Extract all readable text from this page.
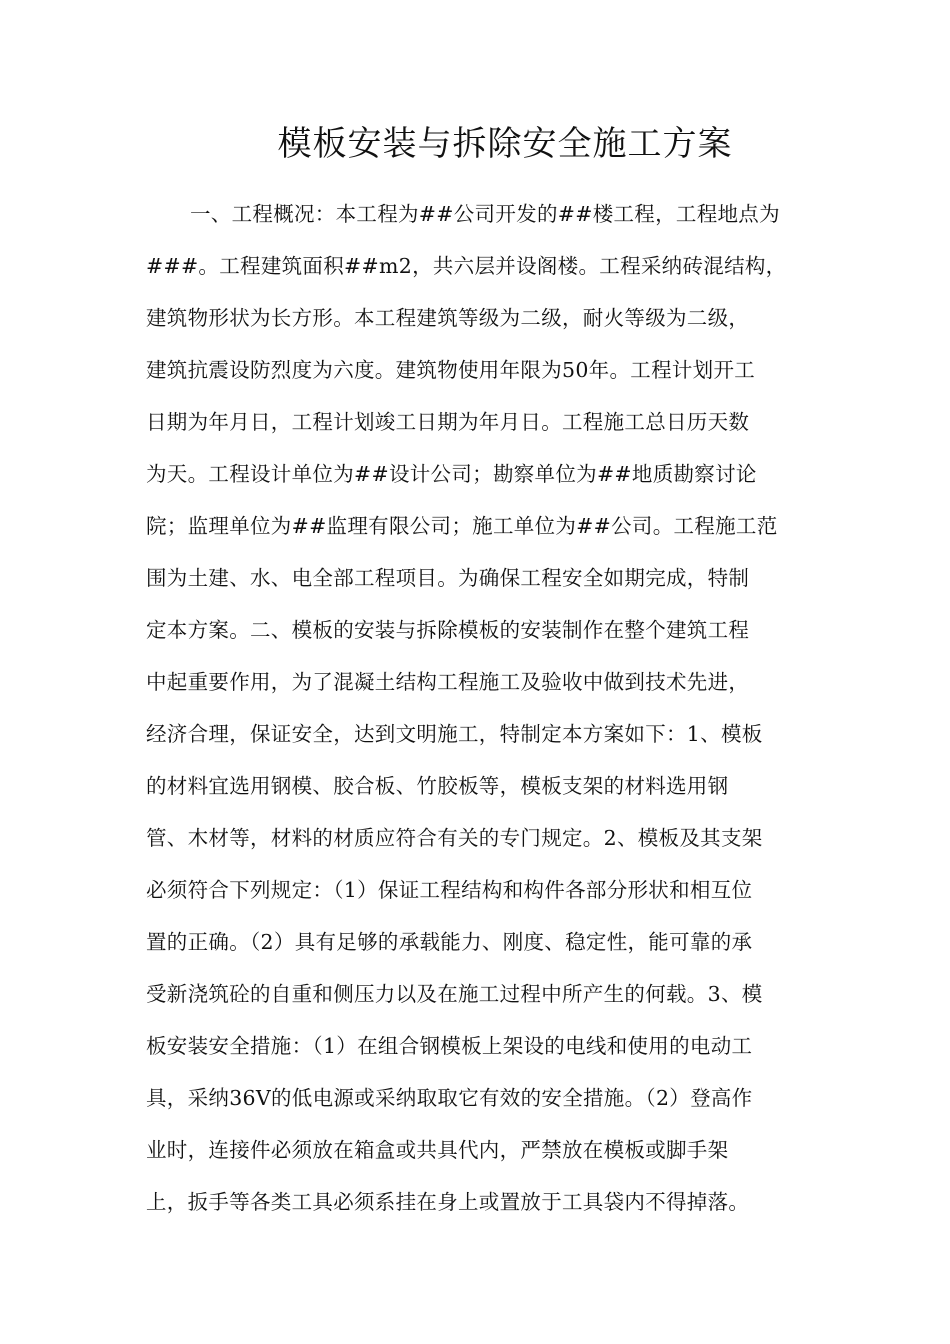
模板安装与拆除安全施工方案
一、工程概况：本工程为##公司开发的##楼工程，工程地点为
###。工程建筑面积##m2，共六层并设阁楼。工程采纳砖混结构，
建筑物形状为长方形。本工程建筑等级为二级，耐火等级为二级，
建筑抗震设防烈度为六度。建筑物使用年限为50年。工程计划开工
日期为年月日，工程计划竣工日期为年月日。工程施工总日历天数
为天。工程设计单位为##设计公司；勘察单位为##地质勘察讨论
院；监理单位为##监理有限公司；施工单位为##公司。工程施工范
围为土建、水、电全部工程项目。为确保工程安全如期完成，特制
定本方案。二、模板的安装与拆除模板的安装制作在整个建筑工程
中起重要作用，为了混凝土结构工程施工及验收中做到技术先进，
经济合理，保证安全，达到文明施工，特制定本方案如下：1、模板
的材料宜选用钢模、胶合板、竹胶板等，模板支架的材料选用钢
管、木材等，材料的材质应符合有关的专门规定。2、模板及其支架
必须符合下列规定：（1）保证工程结构和构件各部分形状和相互位
置的正确。（2）具有足够的承载能力、刚度、稳定性，能可靠的承
受新浇筑砼的自重和侧压力以及在施工过程中所产生的何载。3、模
板安装安全措施：（1）在组合钢模板上架设的电线和使用的电动工
具，采纳36V的低电源或采纳取取它有效的安全措施。（2）登高作
业时，连接件必须放在箱盒或共具代内，严禁放在模板或脚手架
上，扳手等各类工具必须系挂在身上或置放于工具袋内不得掉落。
